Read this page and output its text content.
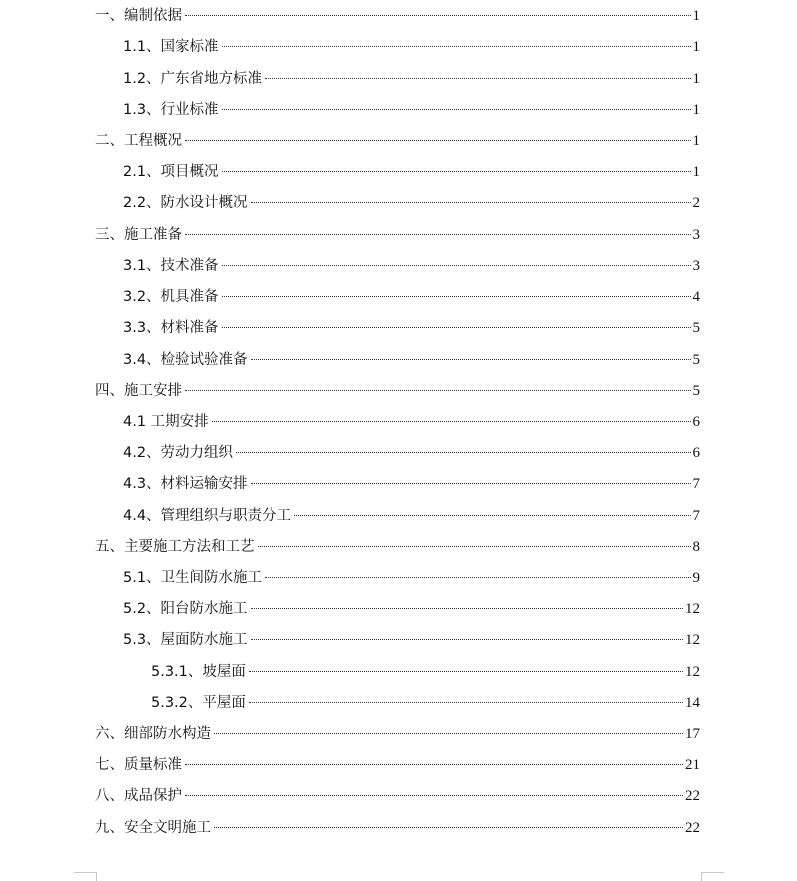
一、编制依据	1
1.1、国家标准	1
1.2、广东省地方标准	1
1.3、行业标准	1
二、工程概况	1
2.1、项目概况	1
2.2、防水设计概况	2
三、施工准备	3
3.1、技术准备	3
3.2、机具准备	4
3.3、材料准备	5
3.4、检验试验准备	5
四、施工安排	5
4.1 工期安排	6
4.2、劳动力组织	6
4.3、材料运输安排	7
4.4、管理组织与职责分工	7
五、主要施工方法和工艺	8
5.1、卫生间防水施工	9
5.2、阳台防水施工	12
5.3、屋面防水施工	12
5.3.1、坡屋面	12
5.3.2、平屋面	14
六、细部防水构造	17
七、质量标准	21
八、成品保护	22
九、安全文明施工	22
